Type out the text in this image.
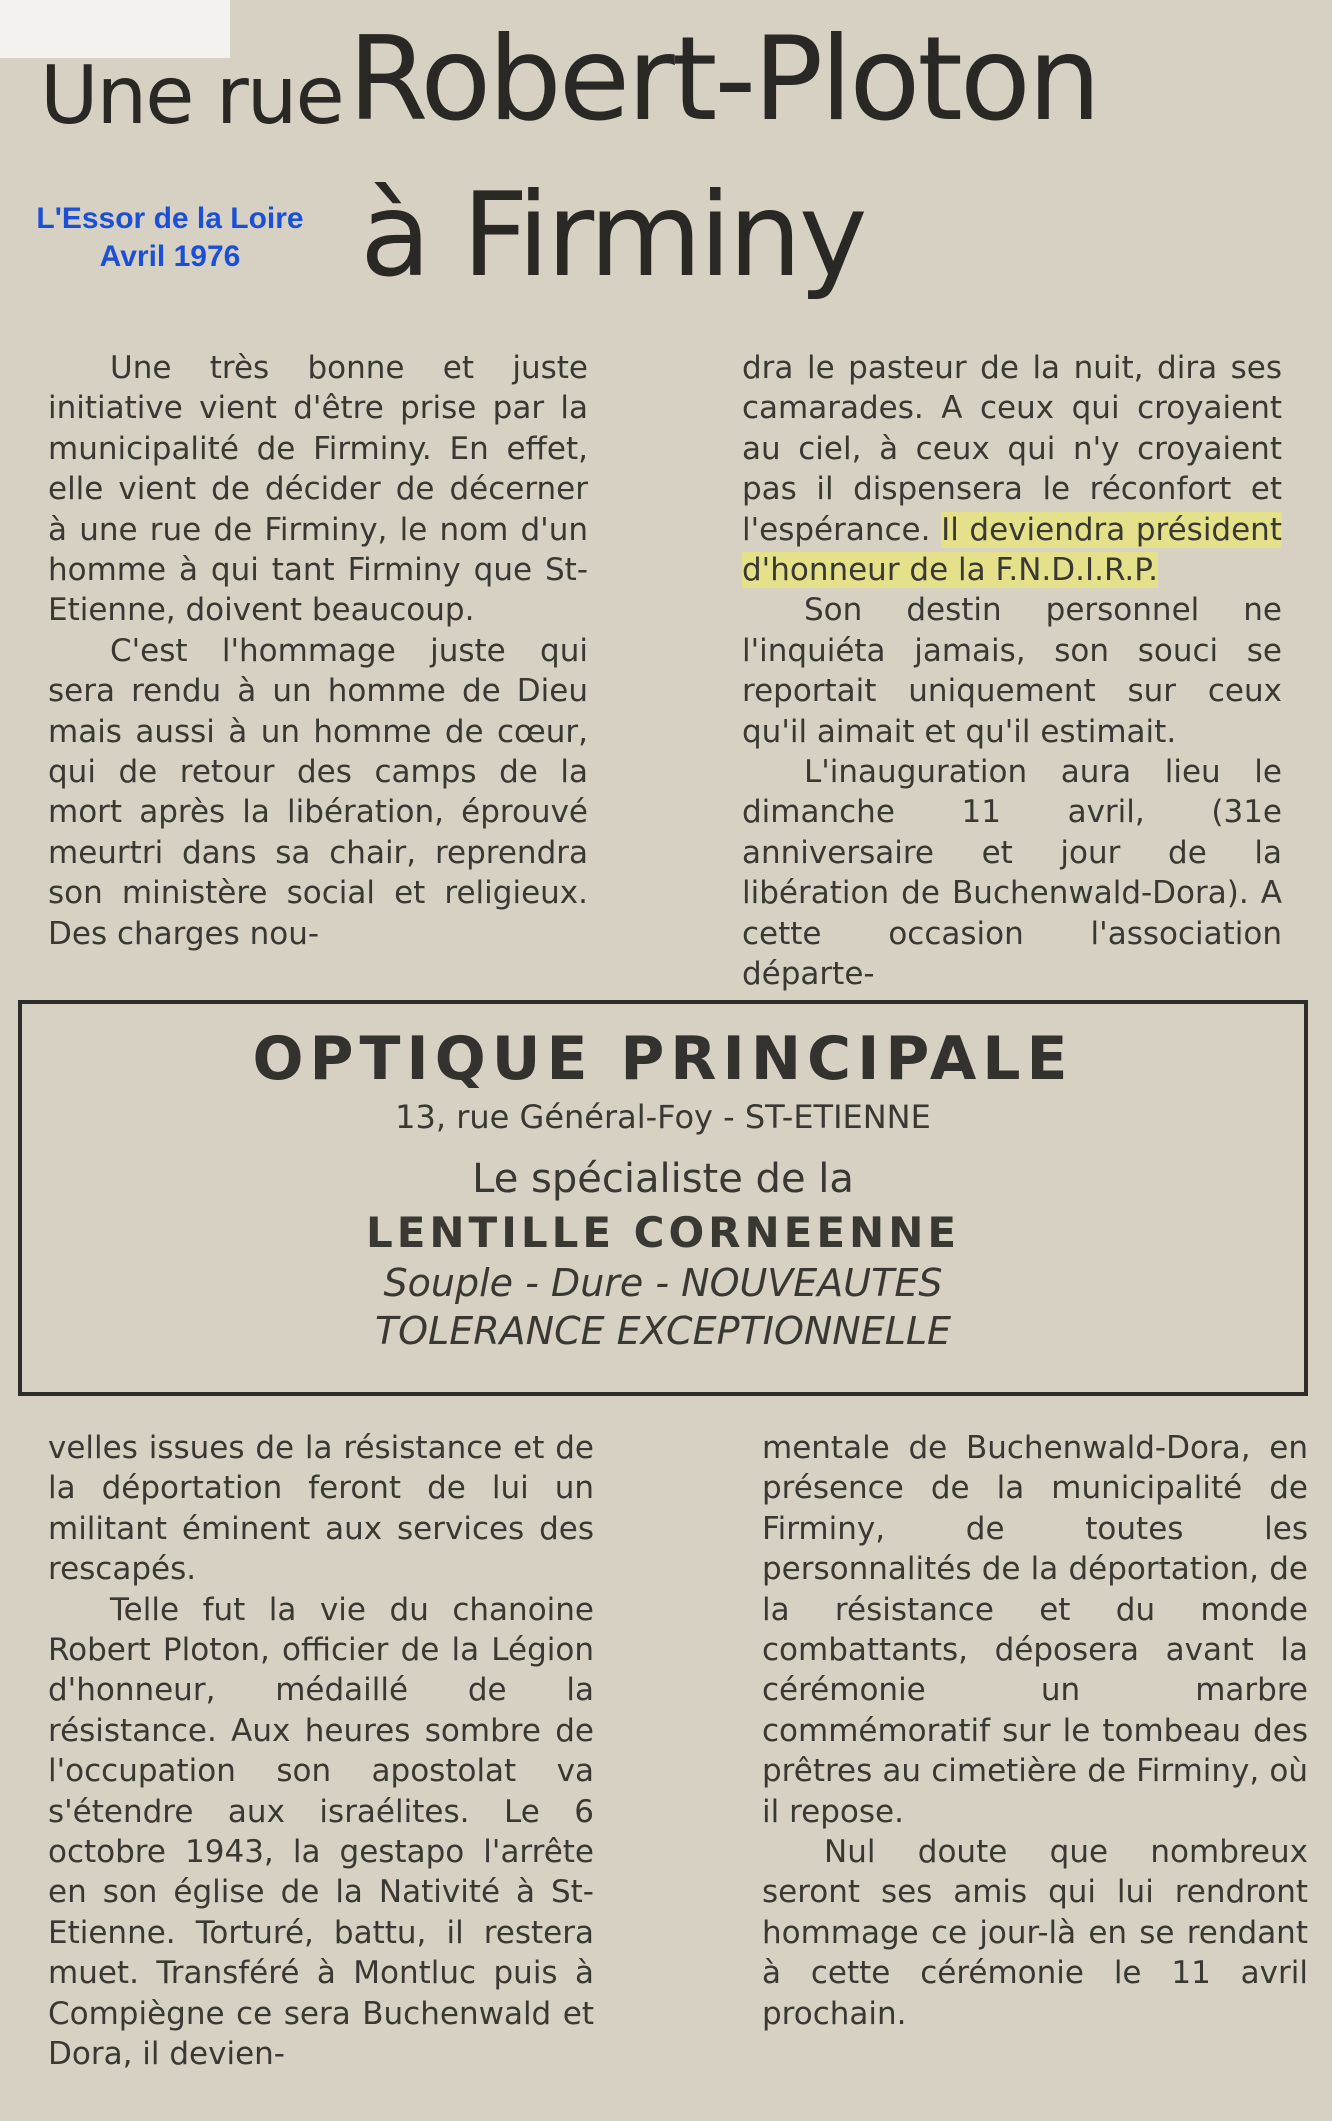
Une rue Robert-Ploton
à Firminy
L'Essor de la Loire
Avril 1976

Une très bonne et juste initiative vient d'être prise par la municipalité de Firminy. En effet, elle vient de décider de décerner à une rue de Firminy, le nom d'un homme à qui tant Firminy que St-Etienne, doivent beaucoup.

C'est l'hommage juste qui sera rendu à un homme de Dieu mais aussi à un homme de cœur, qui de retour des camps de la mort après la libération, éprouvé meurtri dans sa chair, reprendra son ministère social et religieux. Des charges nou-

dra le pasteur de la nuit, dira ses camarades. A ceux qui croyaient au ciel, à ceux qui n'y croyaient pas il dispensera le réconfort et l'espérance. Il deviendra président d'honneur de la F.N.D.I.R.P.

Son destin personnel ne l'inquiéta jamais, son souci se reportait uniquement sur ceux qu'il aimait et qu'il estimait.

L'inauguration aura lieu le dimanche 11 avril, (31e anniversaire et jour de la libération de Buchenwald-Dora). A cette occasion l'association départe-

OPTIQUE PRINCIPALE
13, rue Général-Foy - ST-ETIENNE
Le spécialiste de la
LENTILLE CORNEENNE
Souple - Dure - NOUVEAUTES
TOLERANCE EXCEPTIONNELLE

velles issues de la résistance et de la déportation feront de lui un militant éminent aux services des rescapés.

Telle fut la vie du chanoine Robert Ploton, officier de la Légion d'honneur, médaillé de la résistance. Aux heures sombre de l'occupation son apostolat va s'étendre aux israélites. Le 6 octobre 1943, la gestapo l'arrête en son église de la Nativité à St-Etienne. Torturé, battu, il restera muet. Transféré à Montluc puis à Compiègne ce sera Buchenwald et Dora, il devien-

mentale de Buchenwald-Dora, en présence de la municipalité de Firminy, de toutes les personnalités de la déportation, de la résistance et du monde combattants, déposera avant la cérémonie un marbre commémoratif sur le tombeau des prêtres au cimetière de Firminy, où il repose.

Nul doute que nombreux seront ses amis qui lui rendront hommage ce jour-là en se rendant à cette cérémonie le 11 avril prochain.
